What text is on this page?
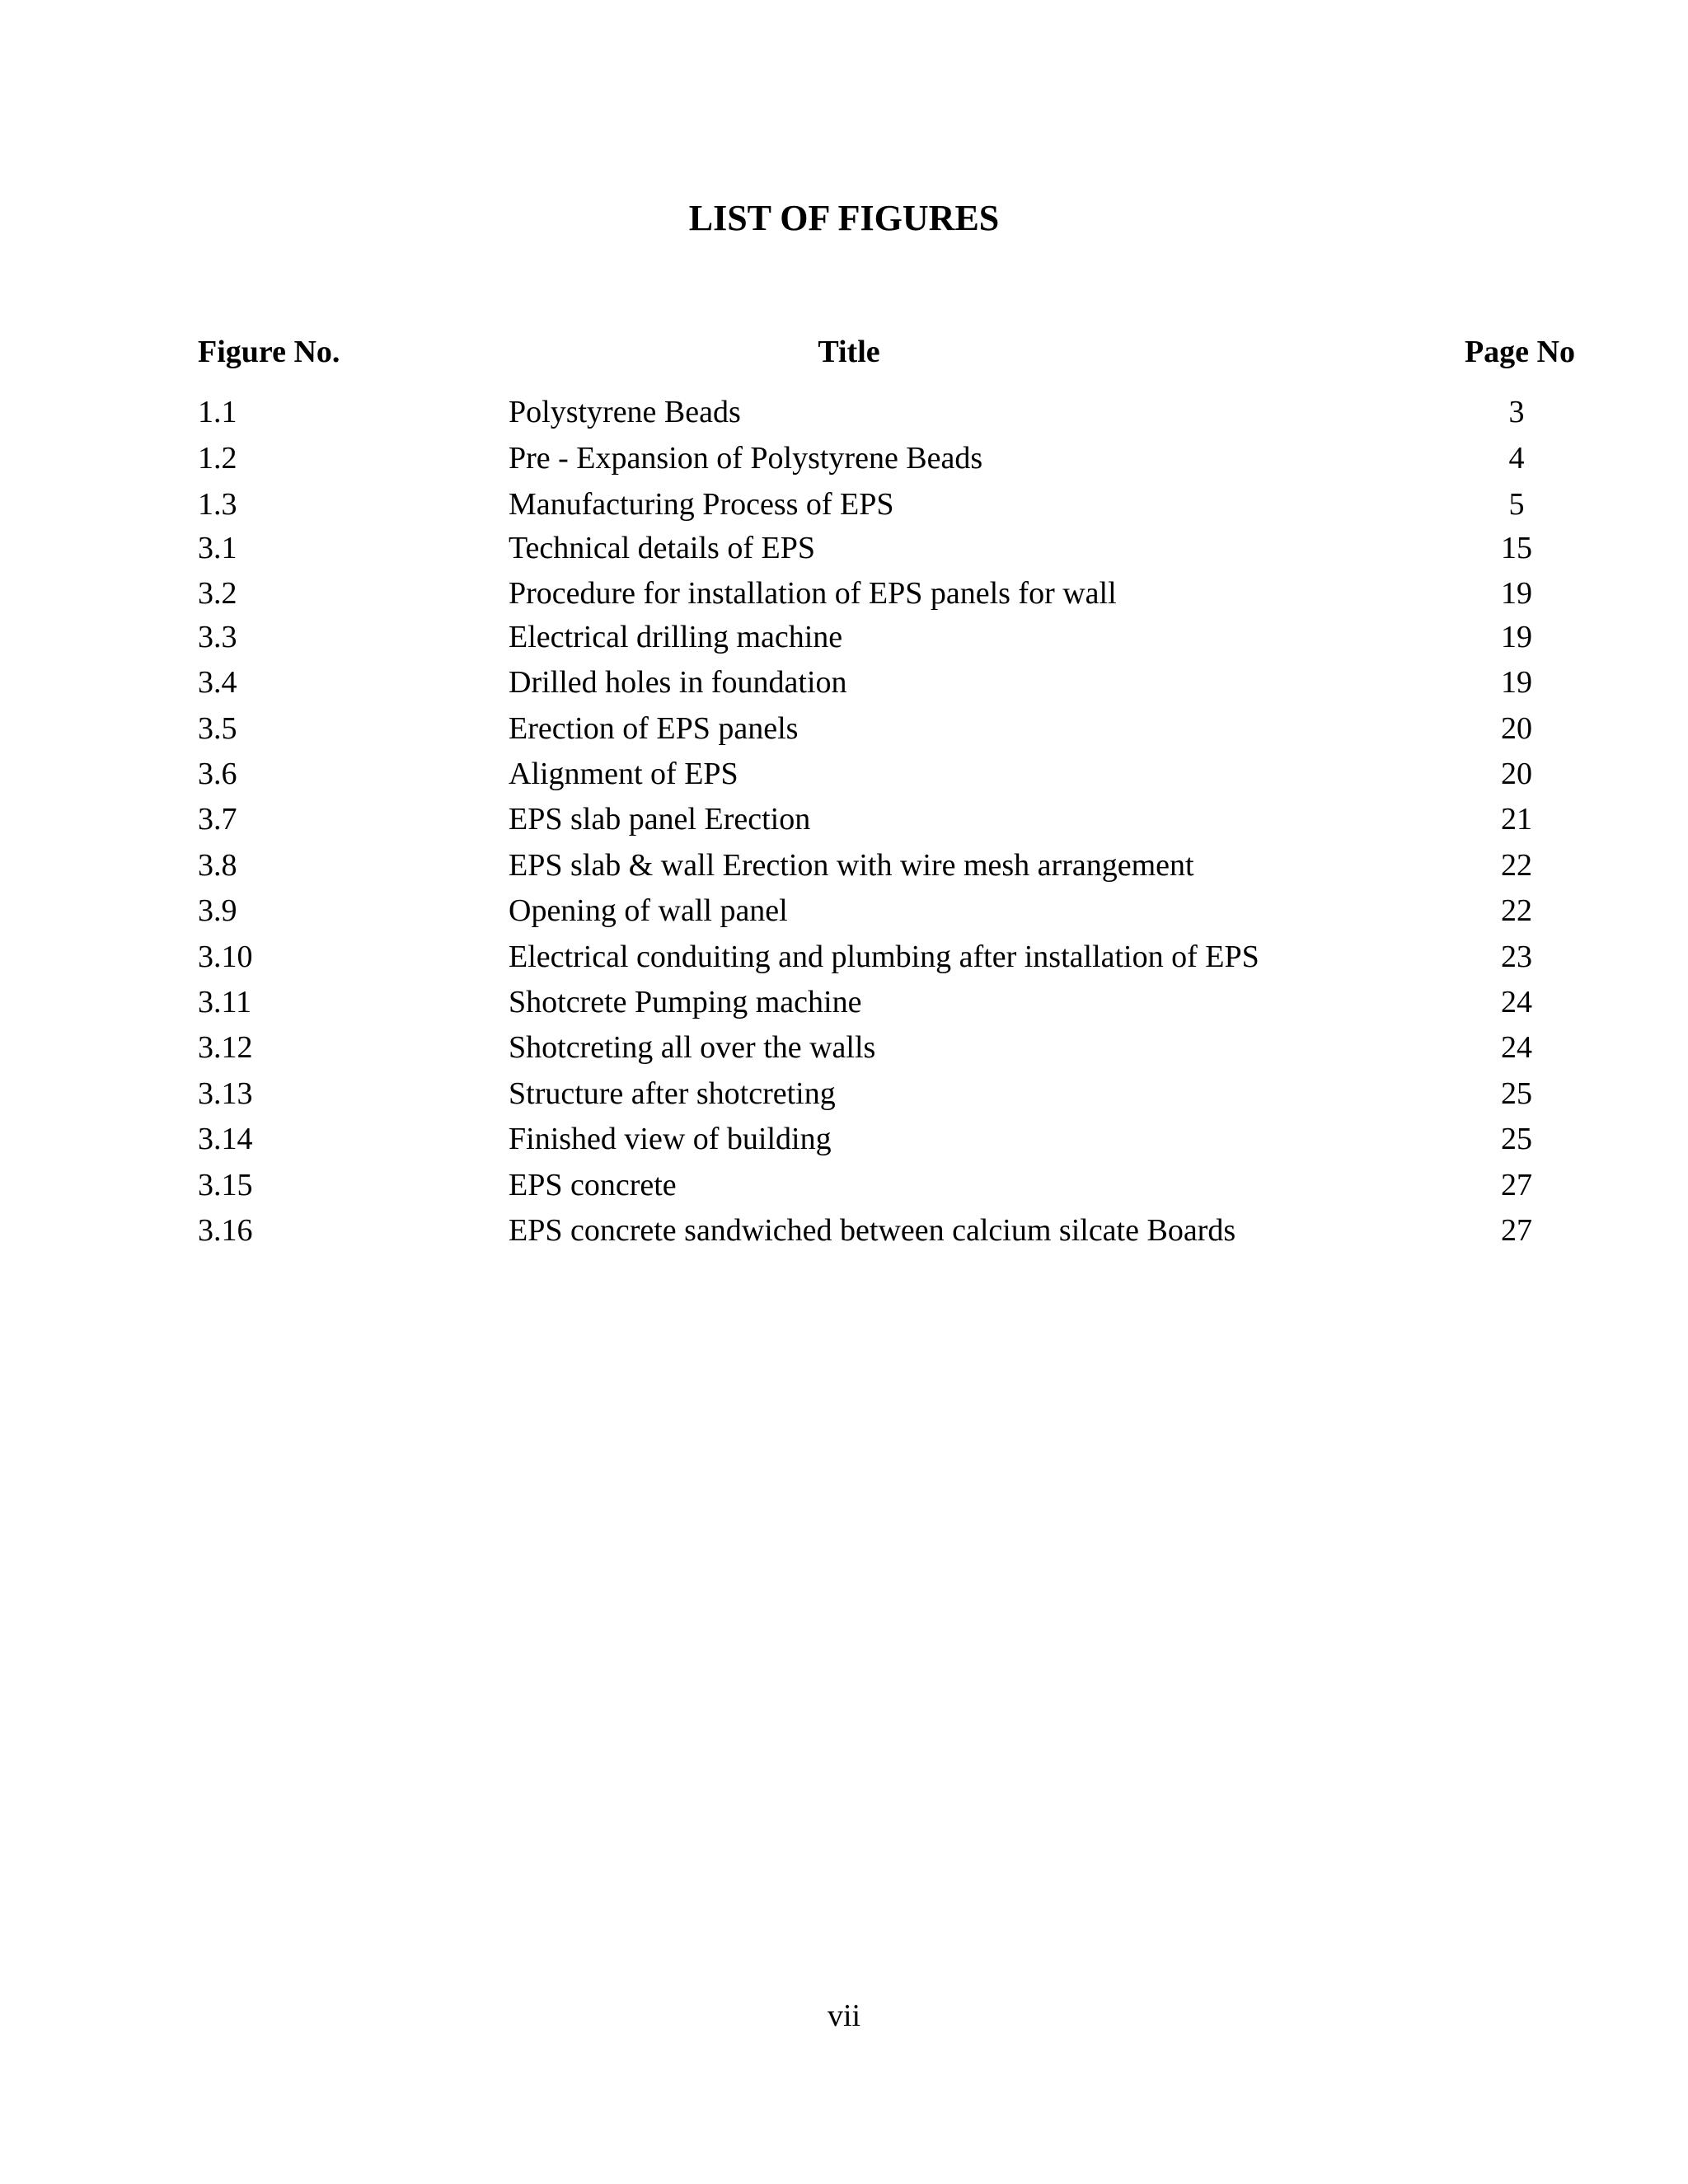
LIST OF FIGURES
Figure No.	Title	Page No
1.1	Polystyrene Beads	3
1.2	Pre - Expansion of Polystyrene Beads	4
1.3	Manufacturing Process of EPS	5
3.1	Technical details of EPS	15
3.2	Procedure for installation of EPS panels for wall	19
3.3	Electrical drilling machine	19
3.4	Drilled holes in foundation	19
3.5	Erection of EPS panels	20
3.6	Alignment of EPS	20
3.7	EPS slab panel Erection	21
3.8	EPS slab & wall Erection with wire mesh arrangement	22
3.9	Opening of wall panel	22
3.10	Electrical conduiting and plumbing after installation of EPS	23
3.11	Shotcrete Pumping machine	24
3.12	Shotcreting all over the walls	24
3.13	Structure after shotcreting	25
3.14	Finished view of building	25
3.15	EPS concrete	27
3.16	EPS concrete sandwiched between calcium silcate Boards	27
vii
